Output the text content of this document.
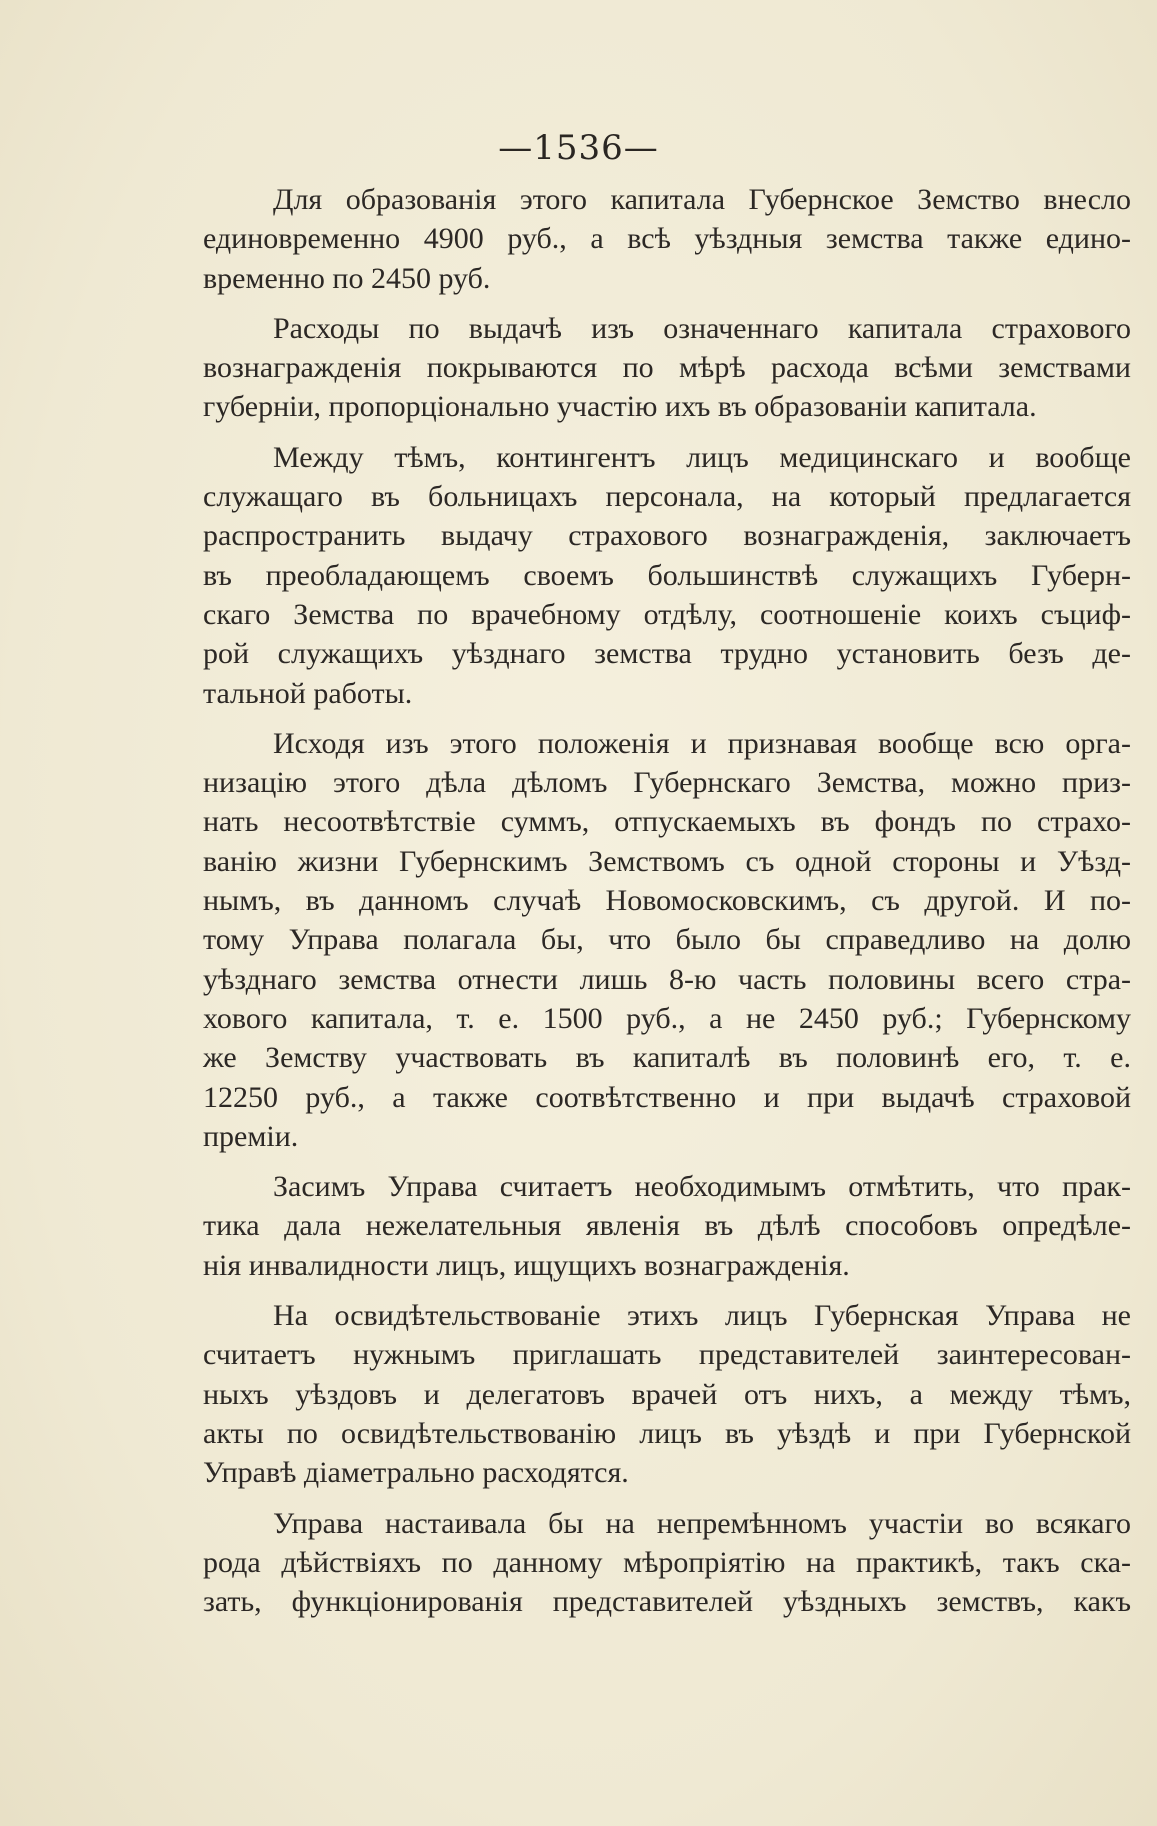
—1536—
Для образованія этого капитала Губернское Земство внесло
единовременно 4900 руб., а всѣ уѣздныя земства также едино-
временно по 2450 руб.
Расходы по выдачѣ изъ означеннаго капитала страхового
вознагражденія покрываются по мѣрѣ расхода всѣми земствами
губерніи, пропорціонально участію ихъ въ образованіи капитала.
Между тѣмъ, контингентъ лицъ медицинскаго и вообще
служащаго въ больницахъ персонала, на который предлагается
распространить выдачу страхового вознагражденія, заключаетъ
въ преобладающемъ своемъ большинствѣ служащихъ Губерн-
скаго Земства по врачебному отдѣлу, соотношеніе коихъ съциф-
рой служащихъ уѣзднаго земства трудно установить безъ де-
тальной работы.
Исходя изъ этого положенія и признавая вообще всю орга-
низацію этого дѣла дѣломъ Губернскаго Земства, можно приз-
нать несоотвѣтствіе суммъ, отпускаемыхъ въ фондъ по страхо-
ванію жизни Губернскимъ Земствомъ съ одной стороны и Уѣзд-
нымъ, въ данномъ случаѣ Новомосковскимъ, съ другой. И по-
тому Управа полагала бы, что было бы справедливо на долю
уѣзднаго земства отнести лишь 8-ю часть половины всего стра-
хового капитала, т. е. 1500 руб., а не 2450 руб.; Губернскому
же Земству участвовать въ капиталѣ въ половинѣ его, т. е.
12250 руб., а также соотвѣтственно и при выдачѣ страховой
преміи.
Засимъ Управа считаетъ необходимымъ отмѣтить, что прак-
тика дала нежелательныя явленія въ дѣлѣ способовъ опредѣле-
нія инвалидности лицъ, ищущихъ вознагражденія.
На освидѣтельствованіе этихъ лицъ Губернская Управа не
считаетъ нужнымъ приглашать представителей заинтересован-
ныхъ уѣздовъ и делегатовъ врачей отъ нихъ, а между тѣмъ,
акты по освидѣтельствованію лицъ въ уѣздѣ и при Губернской
Управѣ діаметрально расходятся.
Управа настаивала бы на непремѣнномъ участіи во всякаго
рода дѣйствіяхъ по данному мѣропріятію на практикѣ, такъ ска-
зать, функціонированія представителей уѣздныхъ земствъ, какъ
